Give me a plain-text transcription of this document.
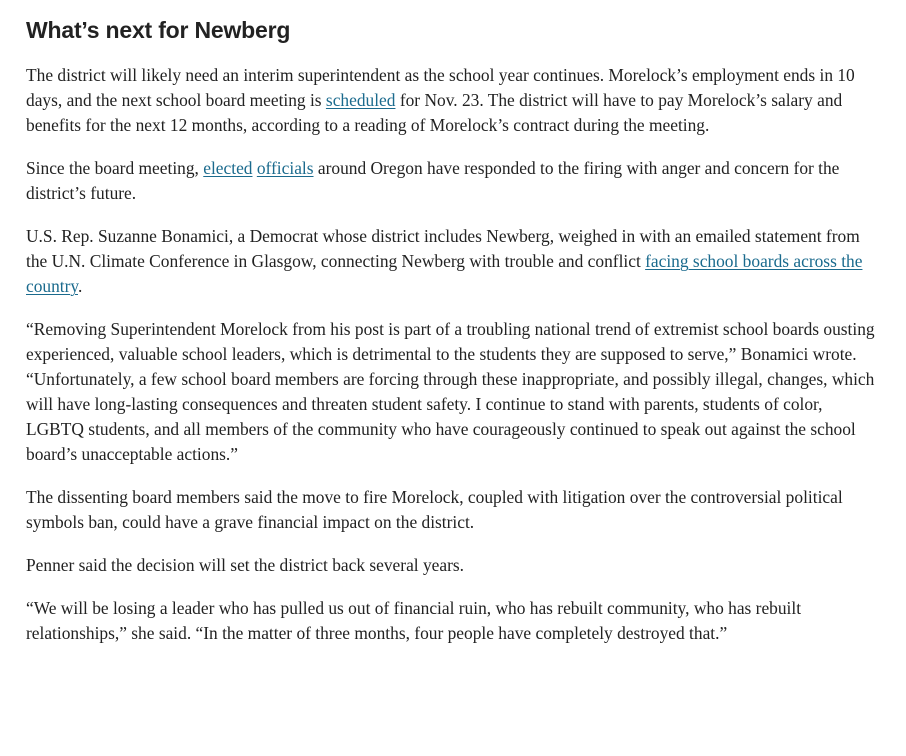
What’s next for Newberg

The district will likely need an interim superintendent as the school year continues. Morelock’s employment ends in 10 days, and the next school board meeting is scheduled for Nov. 23. The district will have to pay Morelock’s salary and benefits for the next 12 months, according to a reading of Morelock’s contract during the meeting.

Since the board meeting, elected officials around Oregon have responded to the firing with anger and concern for the district’s future.

U.S. Rep. Suzanne Bonamici, a Democrat whose district includes Newberg, weighed in with an emailed statement from the U.N. Climate Conference in Glasgow, connecting Newberg with trouble and conflict facing school boards across the country.

“Removing Superintendent Morelock from his post is part of a troubling national trend of extremist school boards ousting experienced, valuable school leaders, which is detrimental to the students they are supposed to serve,” Bonamici wrote. “Unfortunately, a few school board members are forcing through these inappropriate, and possibly illegal, changes, which will have long-lasting consequences and threaten student safety. I continue to stand with parents, students of color, LGBTQ students, and all members of the community who have courageously continued to speak out against the school board’s unacceptable actions.”

The dissenting board members said the move to fire Morelock, coupled with litigation over the controversial political symbols ban, could have a grave financial impact on the district.

Penner said the decision will set the district back several years.

“We will be losing a leader who has pulled us out of financial ruin, who has rebuilt community, who has rebuilt relationships,” she said. “In the matter of three months, four people have completely destroyed that.”
